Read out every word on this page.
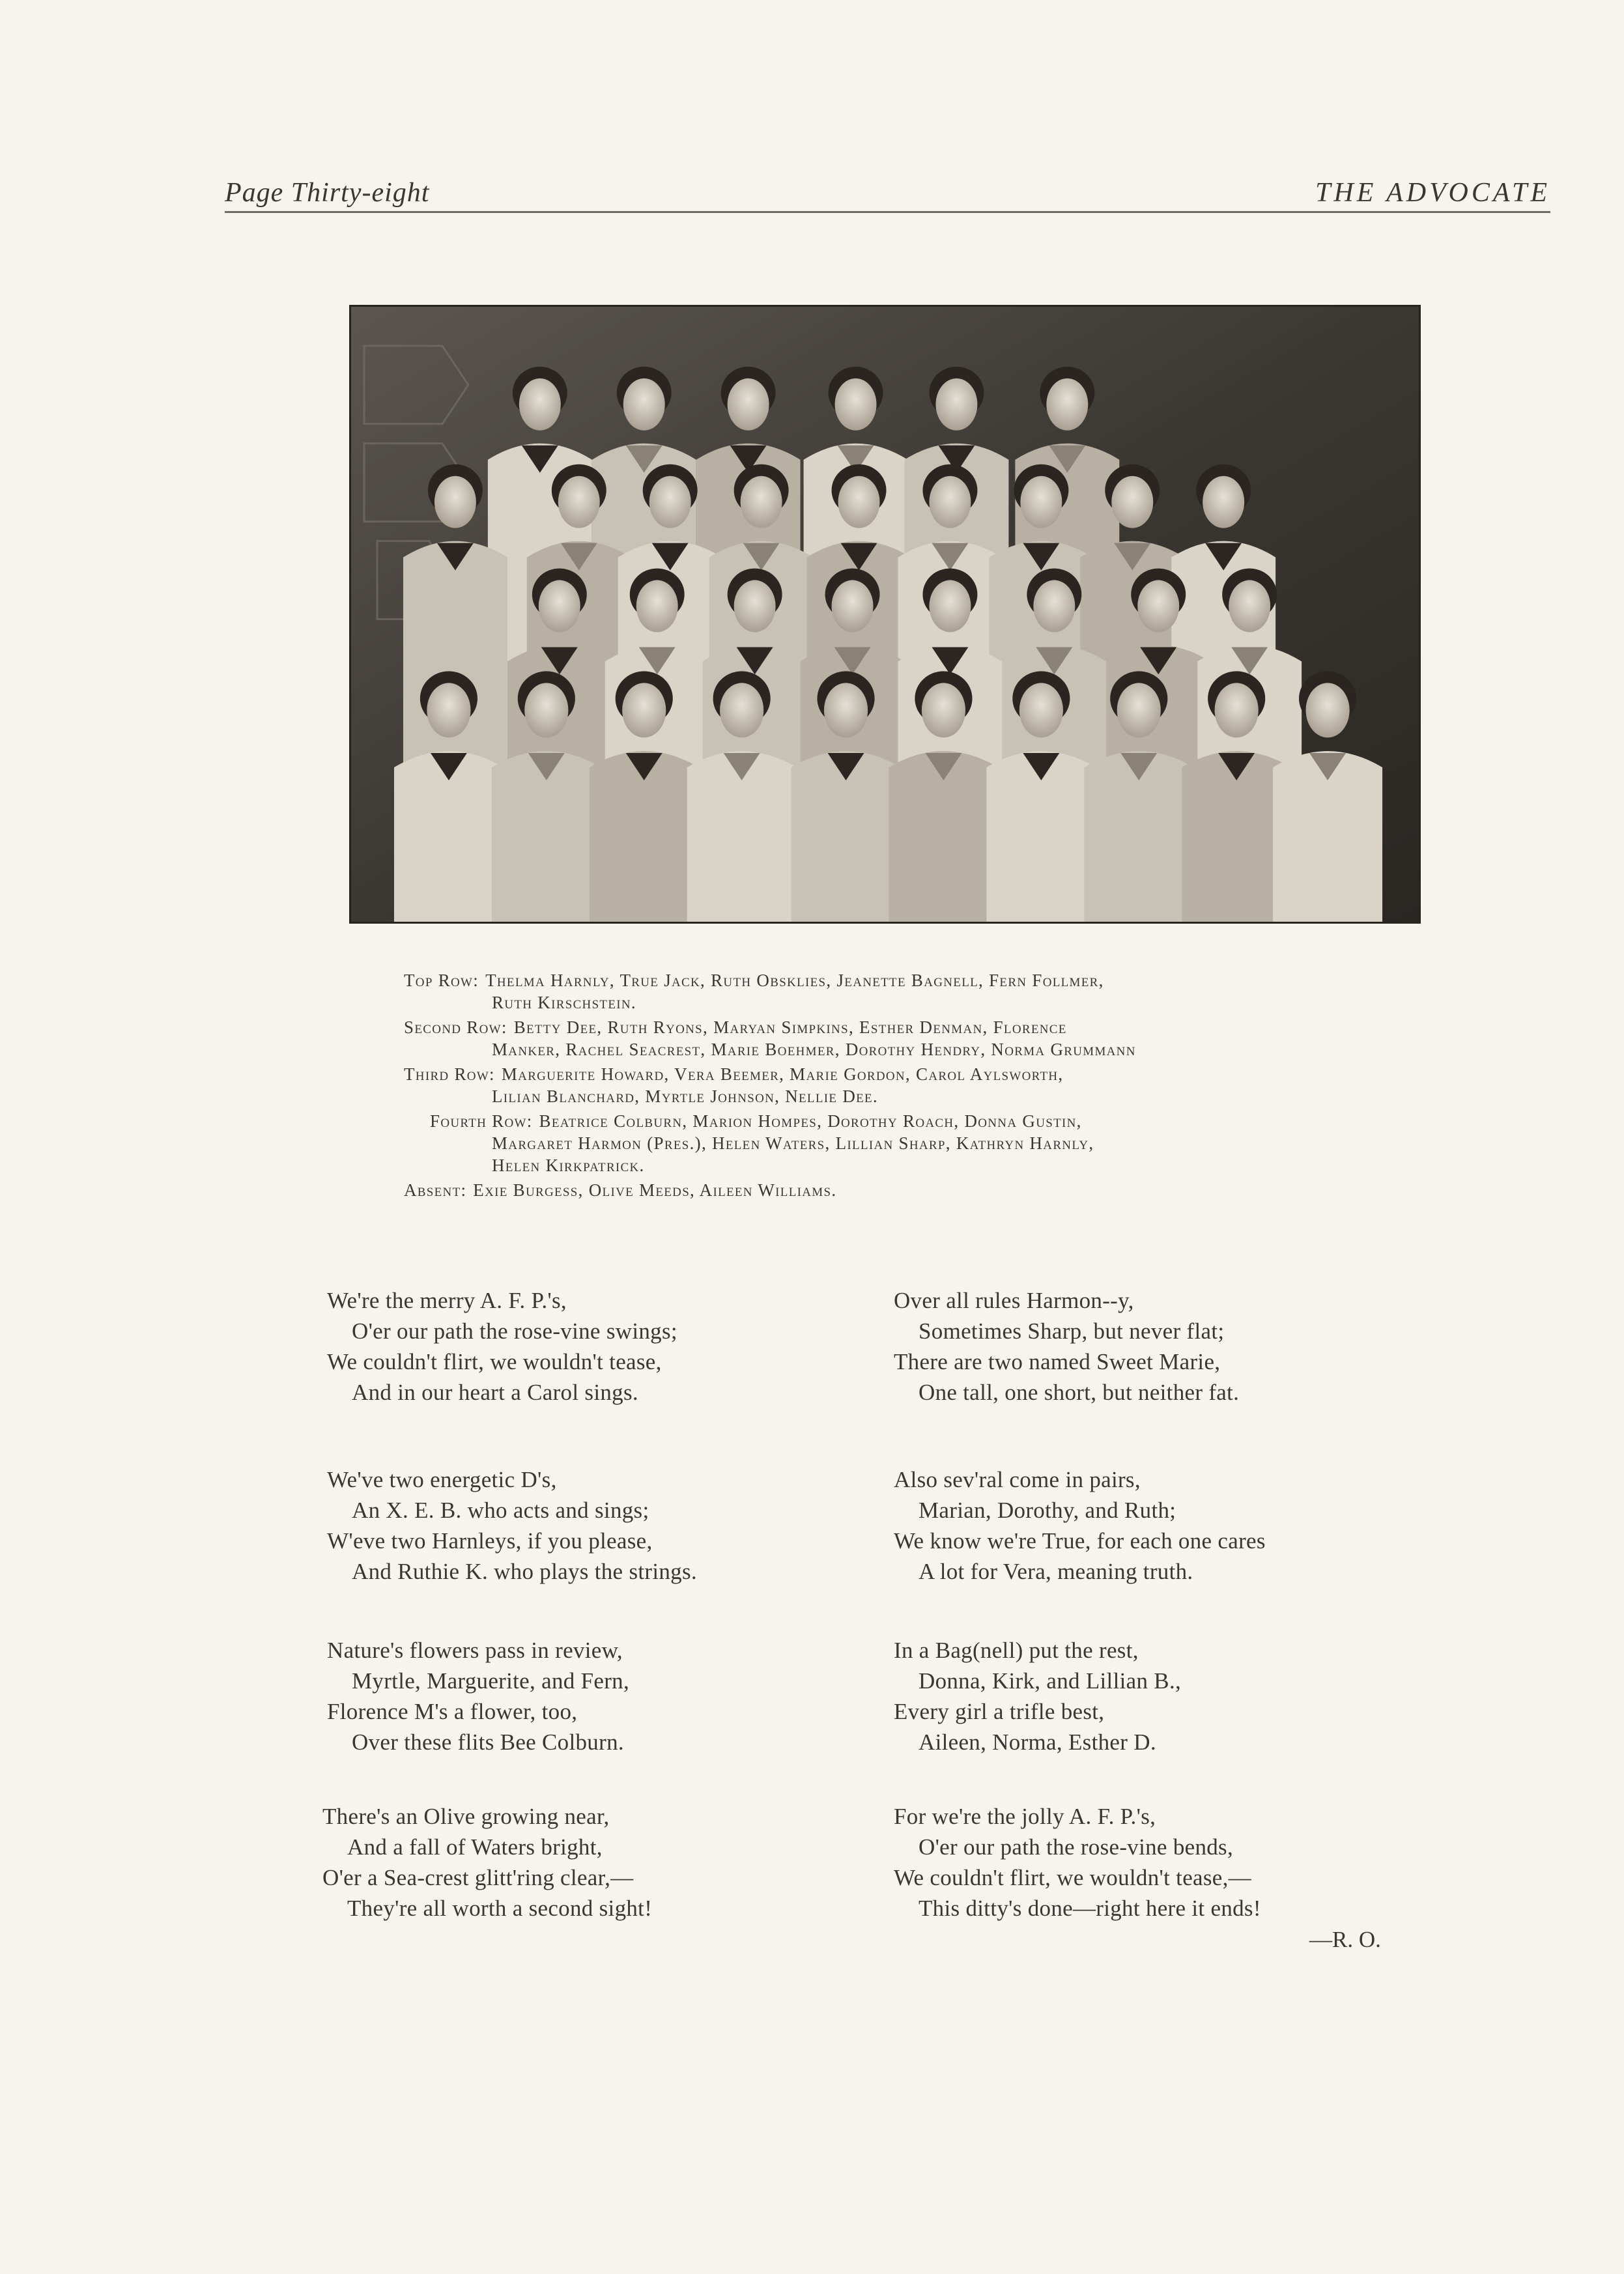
Page Thirty-eight	THE ADVOCATE
Top Row: Thelma Harnly, True Jack, Ruth Obsklies, Jeanette Bagnell, Fern Follmer,
Ruth Kirschstein.
Second Row: Betty Dee, Ruth Ryons, Maryan Simpkins, Esther Denman, Florence
Manker, Rachel Seacrest, Marie Boehmer, Dorothy Hendry, Norma Grummann
Third Row: Marguerite Howard, Vera Beemer, Marie Gordon, Carol Aylsworth,
Lilian Blanchard, Myrtle Johnson, Nellie Dee.
Fourth Row: Beatrice Colburn, Marion Hompes, Dorothy Roach, Donna Gustin,
Margaret Harmon (Pres.), Helen Waters, Lillian Sharp, Kathryn Harnly,
Helen Kirkpatrick.
Absent: Exie Burgess, Olive Meeds, Aileen Williams.
We're the merry A. F. P.'s,
O'er our path the rose-vine swings;
We couldn't flirt, we wouldn't tease,
And in our heart a Carol sings.
Over all rules Harmon--y,
Sometimes Sharp, but never flat;
There are two named Sweet Marie,
One tall, one short, but neither fat.
We've two energetic D's,
An X. E. B. who acts and sings;
W'eve two Harnleys, if you please,
And Ruthie K. who plays the strings.
Also sev'ral come in pairs,
Marian, Dorothy, and Ruth;
We know we're True, for each one cares
A lot for Vera, meaning truth.
Nature's flowers pass in review,
Myrtle, Marguerite, and Fern,
Florence M's a flower, too,
Over these flits Bee Colburn.
In a Bag(nell) put the rest,
Donna, Kirk, and Lillian B.,
Every girl a trifle best,
Aileen, Norma, Esther D.
There's an Olive growing near,
And a fall of Waters bright,
O'er a Sea-crest glitt'ring clear,—
They're all worth a second sight!
For we're the jolly A. F. P.'s,
O'er our path the rose-vine bends,
We couldn't flirt, we wouldn't tease,—
This ditty's done—right here it ends!
—R. O.
